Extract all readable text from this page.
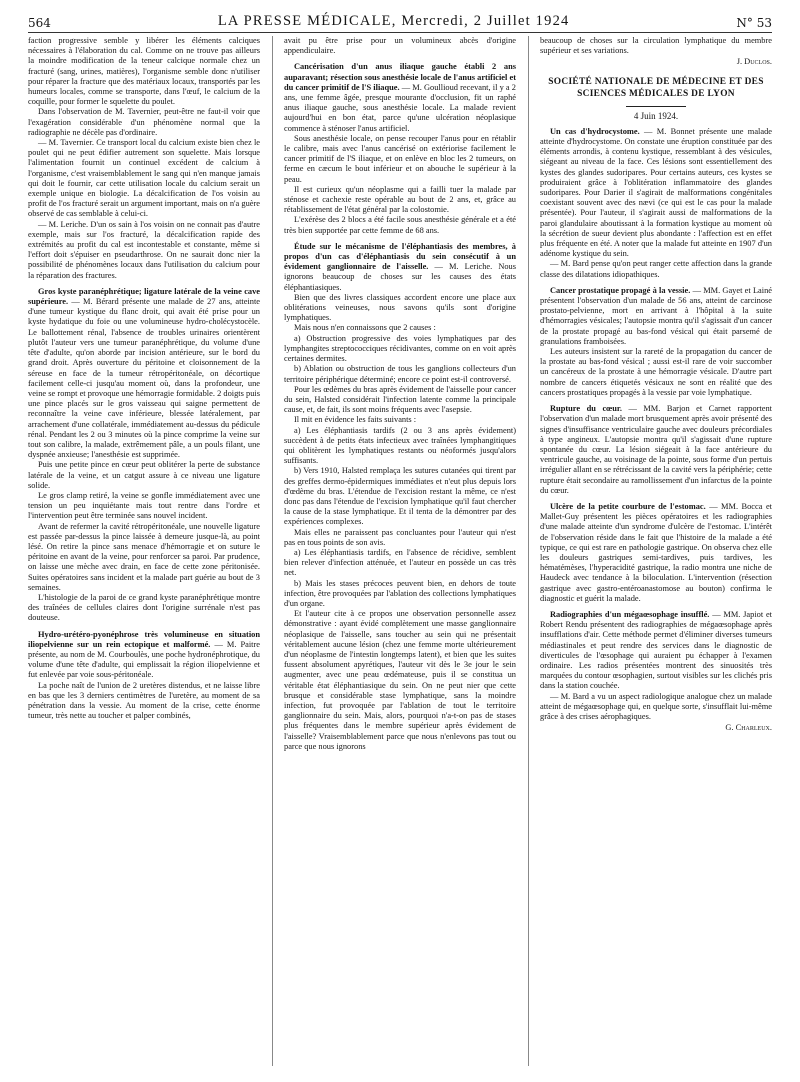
564	LA PRESSE MÉDICALE, Mercredi, 2 Juillet 1924	N° 53

faction progressive semble y libérer les éléments calciques nécessaires à l'élaboration du cal. Comme on ne trouve pas ailleurs la moindre modification de la teneur calcique normale chez un fracturé (sang, urines, matières), l'organisme semble donc n'utiliser pour réparer la fracture que des matériaux locaux, transportés par les humeurs locales, comme se transporte, dans l'œuf, le calcium de la coquille, pour former le squelette du poulet.

Dans l'observation de M. Tavernier, peut-être ne faut-il voir que l'exagération considérable d'un phénomène normal que la radiographie ne décèle pas d'ordinaire.

— M. Tavernier. Ce transport local du calcium existe bien chez le poulet qui ne peut édifier autrement son squelette. Mais lorsque l'alimentation fournit un continuel excédent de calcium à l'organisme, c'est vraisemblablement le sang qui n'en manque jamais qui doit le fournir, car cette utilisation locale du calcium serait un exemple unique en biologie. La décalcification de l'os voisin au profit de l'os fracturé serait un argument important, mais on n'a guère observé de cas semblable à celui-ci.

— M. Leriche. D'un os sain à l'os voisin on ne connait pas d'autre exemple, mais sur l'os fracturé, la décalcification rapide des extrémités au profit du cal est incontestable et constante, même si l'effort doit s'épuiser en pseudarthrose. On ne saurait donc nier la possibilité de phénomènes locaux dans l'utilisation du calcium pour la réparation des fractures.

Gros kyste paranéphrétique; ligature latérale de la veine cave supérieure. — M. Bérard présente une malade de 27 ans, atteinte d'une tumeur kystique du flanc droit, qui avait été prise pour un kyste hydatique du foie ou une volumineuse hydro-cholécystocèle. Le ballottement rénal, l'absence de troubles urinaires orientèrent plutôt l'auteur vers une tumeur paranéphrétique, du volume d'une tête d'adulte, qu'on aborde par incision antérieure, sur le bord du grand droit. Après ouverture du péritoine et cloisonnement de la séreuse en face de la tumeur rétropéritonéale, on décortique facilement celle-ci jusqu'au moment où, dans la profondeur, une veine se rompt et provoque une hémorragie formidable. 2 doigts puis une pince placés sur le gros vaisseau qui saigne permettent de reconnaître la veine cave inférieure, blessée latéralement, par arrachement d'une collatérale, immédiatement au-dessus du pédicule rénal. Pendant les 2 ou 3 minutes où la pince comprime la veine sur tout son calibre, la malade, extrêmement pâle, a un pouls filant, une dyspnée anxieuse; l'anesthésie est supprimée.

Puis une petite pince en cœur peut oblitérer la perte de substance latérale de la veine, et un catgut assure à ce niveau une ligature solide.

Le gros clamp retiré, la veine se gonfle immédiatement avec une tension un peu inquiétante mais tout rentre dans l'ordre et l'intervention peut être terminée sans nouvel incident.

Avant de refermer la cavité rétropéritonéale, une nouvelle ligature est passée par-dessus la pince laissée à demeure jusque-là, au point lésé. On retire la pince sans menace d'hémorragie et on suture le péritoine en avant de la veine, pour renforcer sa paroi. Par prudence, on laisse une mèche avec drain, en face de cette zone péritonisée. Suites opératoires sans incident et la malade part guérie au bout de 3 semaines.

L'histologie de la paroi de ce grand kyste paranéphrétique montre des traînées de cellules claires dont l'origine surrénale n'est pas douteuse.

Hydro-urétéro-pyonéphrose très volumineuse en situation iliopelvienne sur un rein ectopique et malformé. — M. Paitre présente, au nom de M. Courboulès, une poche hydronéphrotique, du volume d'une tête d'adulte, qui emplissait la région iliopelvienne et fut enlevée par voie sous-péritonéale.

La poche naît de l'union de 2 uretères distendus, et ne laisse libre en bas que les 3 derniers centimètres de l'uretère, au moment de sa pénétration dans la vessie. Au moment de la crise, cette énorme tumeur, très nette au toucher et palper combinés,

avait pu être prise pour un volumineux abcès d'origine appendiculaire.

Cancérisation d'un anus iliaque gauche établi 2 ans auparavant; résection sous anesthésie locale de l'anus artificiel et du cancer primitif de l'S iliaque. — M. Goullioud recevant, il y a 2 ans, une femme âgée, presque mourante d'occlusion, fit un raphé anus iliaque gauche, sous anesthésie locale. La malade revient aujourd'hui en bon état, parce qu'une ulcération néoplasique commence à sténoser l'anus artificiel.

Sous anesthésie locale, on pense recouper l'anus pour en rétablir le calibre, mais avec l'anus cancérisé on extériorise facilement le cancer primitif de l'S iliaque, et on enlève en bloc les 2 tumeurs, on ferme en cæcum le bout inférieur et on abouche le supérieur à la peau.

Il est curieux qu'un néoplasme qui a failli tuer la malade par sténose et cachexie reste opérable au bout de 2 ans, et, grâce au rétablissement de l'état général par la colostomie.

L'exérèse des 2 blocs a été facile sous anesthésie générale et a été très bien supportée par cette femme de 68 ans.

Étude sur le mécanisme de l'éléphantiasis des membres, à propos d'un cas d'éléphantiasis du sein consécutif à un évidement ganglionnaire de l'aisselle. — M. Leriche. Nous ignorons beaucoup de choses sur les causes des états éléphantiasiques.

Bien que des livres classiques accordent encore une place aux oblitérations veineuses, nous savons qu'ils sont d'origine lymphatiques.

Mais nous n'en connaissons que 2 causes :

a) Obstruction progressive des voies lymphatiques par des lymphangites streptococciques récidivantes, comme on en voit après certaines dermites.

b) Ablation ou obstruction de tous les ganglions collecteurs d'un territoire périphérique déterminé; encore ce point est-il controversé.

Pour les œdèmes du bras après évidement de l'aisselle pour cancer du sein, Halsted considérait l'infection latente comme la principale cause, et, de fait, ils sont moins fréquents avec l'asepsie.

Il mit en évidence les faits suivants :

a) Les éléphantiasis tardifs (2 ou 3 ans après évidement) succèdent à de petits états infectieux avec traînées lymphangitiques qui oblitèrent les lymphatiques restants ou néoformés jusqu'alors suffisants.

b) Vers 1910, Halsted remplaça les sutures cutanées qui tirent par des greffes dermo-épidermiques immédiates et n'eut plus depuis lors d'œdème du bras. L'étendue de l'excision restant la même, ce n'est donc pas dans l'étendue de l'excision lymphatique qu'il faut chercher la cause de la stase lymphatique. Et il tenta de la démontrer par des expériences complexes.

Mais elles ne paraissent pas concluantes pour l'auteur qui n'est pas en tous points de son avis.

a) Les éléphantiasis tardifs, en l'absence de récidive, semblent bien relever d'infection atténuée, et l'auteur en possède un cas très net.

b) Mais les stases précoces peuvent bien, en dehors de toute infection, être provoquées par l'ablation des collections lymphatiques d'un organe.

Et l'auteur cite à ce propos une observation personnelle assez démonstrative : ayant évidé complètement une masse ganglionnaire néoplasique de l'aisselle, sans toucher au sein qui ne présentait véritablement aucune lésion (chez une femme morte ultérieurement d'un néoplasme de l'intestin longtemps latent), et bien que les suites fussent absolument apyrétiques, l'auteur vit dès le 3e jour le sein augmenter, avec une peau œdémateuse, puis il se constitua un véritable état éléphantiasique du sein. On ne peut nier que cette brusque et considérable stase lymphatique, sans la moindre infection, fut provoquée par l'ablation de tout le territoire ganglionnaire du sein. Mais, alors, pourquoi n'a-t-on pas de stases plus fréquentes dans le membre supérieur après évidement de l'aisselle? Vraisemblablement parce que nous n'enlevons pas tout ou parce que nous ignorons

beaucoup de choses sur la circulation lymphatique du membre supérieur et ses variations.

J. Duclos.
SOCIÉTÉ NATIONALE DE MÉDECINE ET DES SCIENCES MÉDICALES DE LYON
4 Juin 1924.

Un cas d'hydrocystome. — M. Bonnet présente une malade atteinte d'hydrocystome. On constate une éruption constituée par des éléments arrondis, à contenu kystique, ressemblant à des vésicules, siégeant au niveau de la face. Ces lésions sont essentiellement des kystes des glandes sudoripares. Pour certains auteurs, ces kystes se produiraient grâce à l'oblitération inflammatoire des glandes sudoripares. Pour Darier il s'agirait de malformations congénitales coexistant souvent avec des nævi (ce qui est le cas pour la malade présentée). Pour l'auteur, il s'agirait aussi de malformations de la paroi glandulaire aboutissant à la formation kystique au moment où la sécrétion de sueur devient plus abondante : l'affection est en effet plus fréquente en été. A noter que la malade fut atteinte en 1907 d'un adénome kystique du sein.

— M. Bard pense qu'on peut ranger cette affection dans la grande classe des dilatations idiopathiques.

Cancer prostatique propagé à la vessie. — MM. Gayet et Lainé présentent l'observation d'un malade de 56 ans, atteint de carcinose prostato-pelvienne, mort en arrivant à l'hôpital à la suite d'hémorragies vésicales; l'autopsie montra qu'il s'agissait d'un cancer de la prostate propagé au bas-fond vésical qui était parsemé de granulations framboisées.

Les auteurs insistent sur la rareté de la propagation du cancer de la prostate au bas-fond vésical ; aussi est-il rare de voir succomber un cancéreux de la prostate à une hémorragie vésicale. D'autre part nombre de cancers étiquetés vésicaux ne sont en réalité que des cancers prostatiques propagés à la vessie par voie lymphatique.

Rupture du cœur. — MM. Barjon et Carnet rapportent l'observation d'un malade mort brusquement après avoir présenté des signes d'insuffisance ventriculaire gauche avec douleurs précordiales à type angineux. L'autopsie montra qu'il s'agissait d'une rupture spontanée du cœur. La lésion siégeait à la face antérieure du ventricule gauche, au voisinage de la pointe, sous forme d'un pertuis irrégulier allant en se rétrécissant de la cavité vers la périphérie; cette rupture était secondaire au ramollissement d'un infarctus de la pointe du cœur.

Ulcère de la petite courbure de l'estomac. — MM. Bocca et Mallet-Guy présentent les pièces opératoires et les radiographies d'une malade atteinte d'un syndrome d'ulcère de l'estomac. L'intérêt de l'observation réside dans le fait que l'histoire de la malade a été typique, ce qui est rare en pathologie gastrique. On observa chez elle les douleurs gastriques semi-tardives, puis tardives, les hématémèses, l'hyperacidité gastrique, la radio montra une niche de Haudeck avec tendance à la biloculation. L'intervention (résection gastrique avec gastro-entéroanastomose au bouton) confirma le diagnostic et guérit la malade.

Radiographies d'un mégaœsophage insufflé. — MM. Japiot et Robert Rendu présentent des radiographies de mégaœsophage après insufflations d'air. Cette méthode permet d'éliminer diverses tumeurs médiastinales et peut rendre des services dans le diagnostic de diverticules de l'œsophage qui auraient pu échapper à l'examen ordinaire. Les radios présentées montrent des sinuosités très marquées du contour œsophagien, surtout visibles sur les clichés pris dans la station couchée.

— M. Bard a vu un aspect radiologique analogue chez un malade atteint de mégaœsophage qui, en quelque sorte, s'insufflait lui-même grâce à des crises aérophagiques.

G. Charleux.
